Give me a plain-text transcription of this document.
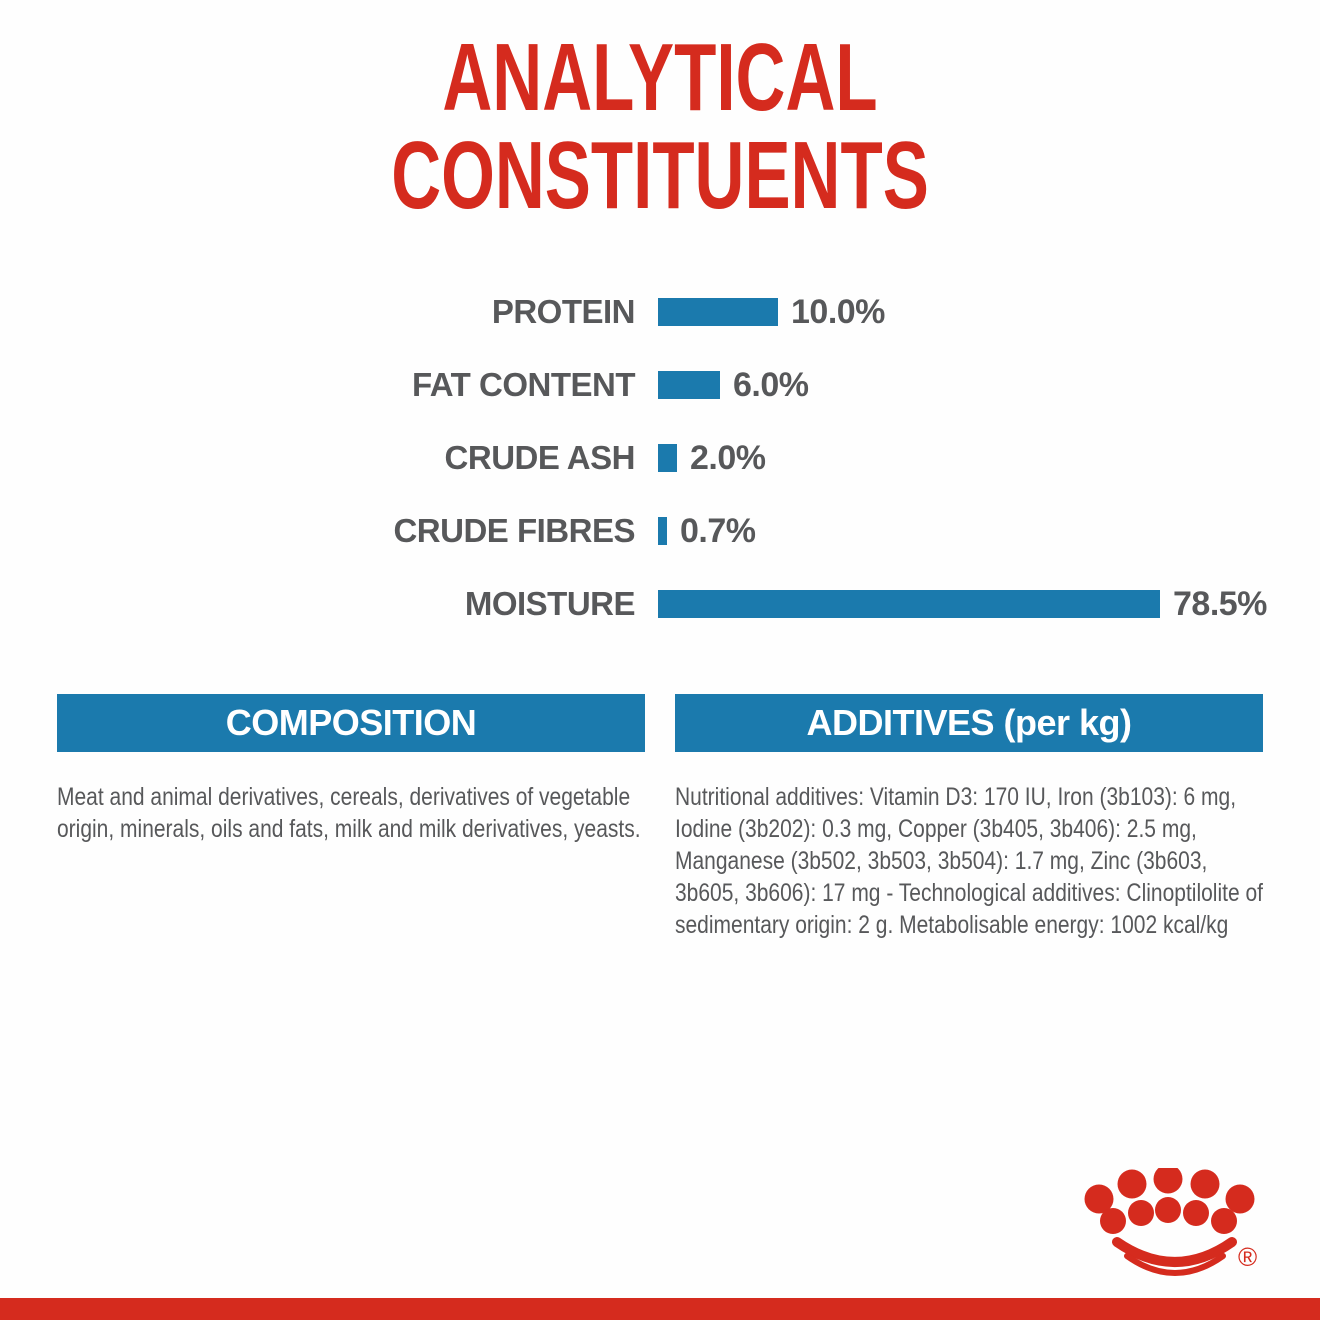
ANALYTICAL
CONSTITUENTS
PROTEIN	10.0%
FAT CONTENT	6.0%
CRUDE ASH 2.0%
CRUDE FIBRES 0.7%
MOISTURE	78.5%
COMPOSITION	ADDITIVES (per kg)
Meat and animal derivatives, cereals, derivatives of vegetable origin, minerals, oils and fats, milk and milk derivatives, yeasts.
Nutritional additives: Vitamin D3: 170 IU, Iron (3b103): 6 mg, Iodine (3b202): 0.3 mg, Copper (3b405, 3b406): 2.5 mg, Manganese (3b502, 3b503, 3b504): 1.7 mg, Zinc (3b603, 3b605, 3b606): 17 mg - Technological additives: Clinoptilolite of sedimentary origin: 2 g. Metabolisable energy: 1002 kcal/kg
®
